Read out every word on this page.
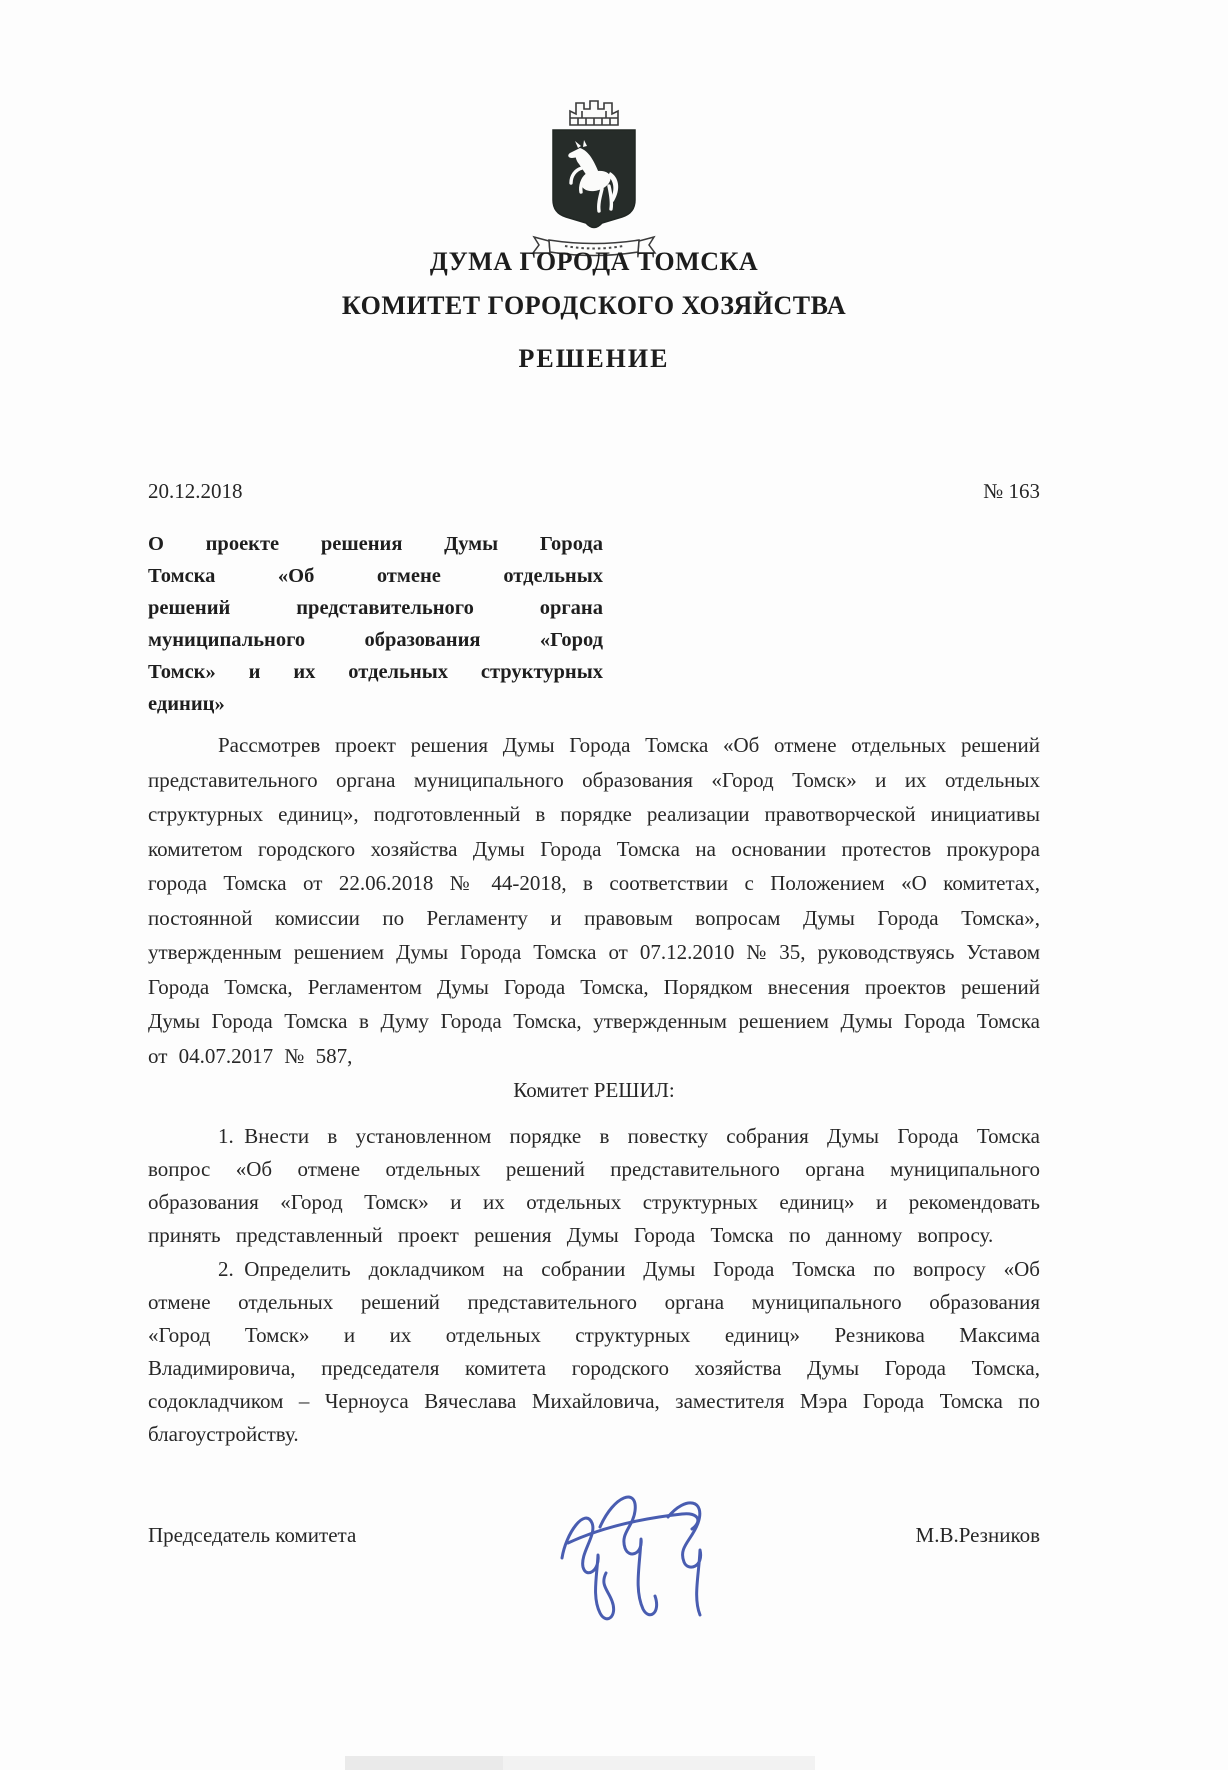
ДУМА ГОРОДА ТОМСКА
КОМИТЕТ ГОРОДСКОГО ХОЗЯЙСТВА
РЕШЕНИЕ
20.12.2018	№ 163
О проекте решения Думы Города Томска «Об отмене отдельных решений представительного органа муниципального образования «Город Томск» и их отдельных структурных единиц»
Рассмотрев проект решения Думы Города Томска «Об отмене отдельных решений представительного органа муниципального образования «Город Томск» и их отдельных структурных единиц», подготовленный в порядке реализации правотворческой инициативы комитетом городского хозяйства Думы Города Томска на основании протестов прокурора города Томска от 22.06.2018 № 44-2018, в соответствии с Положением «О комитетах, постоянной комиссии по Регламенту и правовым вопросам Думы Города Томска», утвержденным решением Думы Города Томска от 07.12.2010 № 35, руководствуясь Уставом Города Томска, Регламентом Думы Города Томска, Порядком внесения проектов решений Думы Города Томска в Думу Города Томска, утвержденным решением Думы Города Томска от 04.07.2017 № 587,
Комитет РЕШИЛ:
1. Внести в установленном порядке в повестку собрания Думы Города Томска вопрос «Об отмене отдельных решений представительного органа муниципального образования «Город Томск» и их отдельных структурных единиц» и рекомендовать принять представленный проект решения Думы Города Томска по данному вопросу.
2. Определить докладчиком на собрании Думы Города Томска по вопросу «Об отмене отдельных решений представительного органа муниципального образования «Город Томск» и их отдельных структурных единиц» Резникова Максима Владимировича, председателя комитета городского хозяйства Думы Города Томска, содокладчиком – Черноуса Вячеслава Михайловича, заместителя Мэра Города Томска по благоустройству.
Председатель комитета	М.В.Резников
